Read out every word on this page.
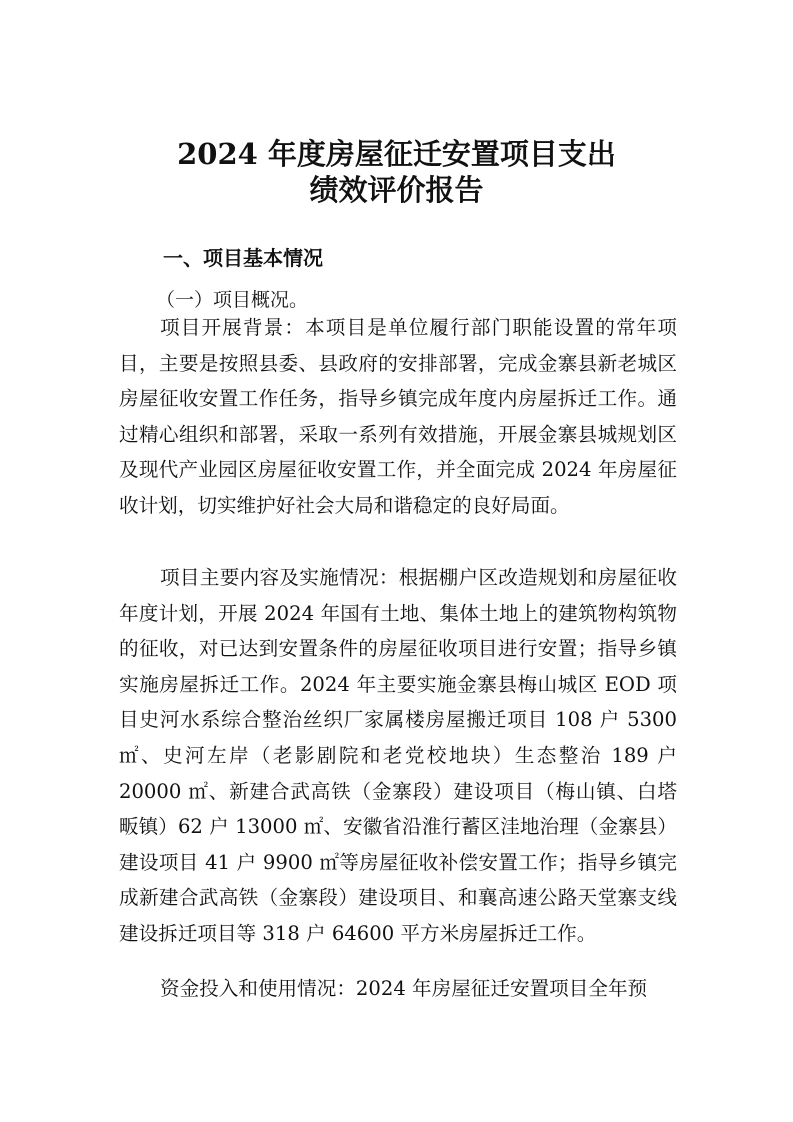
2024 年度房屋征迁安置项目支出
绩效评价报告
一、项目基本情况
（一）项目概况。

项目开展背景：本项目是单位履行部门职能设置的常年项目，主要是按照县委、县政府的安排部署，完成金寨县新老城区房屋征收安置工作任务，指导乡镇完成年度内房屋拆迁工作。通过精心组织和部署，采取一系列有效措施，开展金寨县城规划区及现代产业园区房屋征收安置工作，并全面完成 2024 年房屋征收计划，切实维护好社会大局和谐稳定的良好局面。

项目主要内容及实施情况：根据棚户区改造规划和房屋征收年度计划，开展 2024 年国有土地、集体土地上的建筑物构筑物的征收，对已达到安置条件的房屋征收项目进行安置；指导乡镇实施房屋拆迁工作。2024 年主要实施金寨县梅山城区 EOD 项目史河水系综合整治丝织厂家属楼房屋搬迁项目 108 户 5300 ㎡、史河左岸（老影剧院和老党校地块）生态整治 189 户 20000 ㎡、新建合武高铁（金寨段）建设项目（梅山镇、白塔畈镇）62 户 13000 ㎡、安徽省沿淮行蓄区洼地治理（金寨县）建设项目 41 户 9900 ㎡等房屋征收补偿安置工作；指导乡镇完成新建合武高铁（金寨段）建设项目、和襄高速公路天堂寨支线建设拆迁项目等 318 户 64600 平方米房屋拆迁工作。

资金投入和使用情况：2024 年房屋征迁安置项目全年预
